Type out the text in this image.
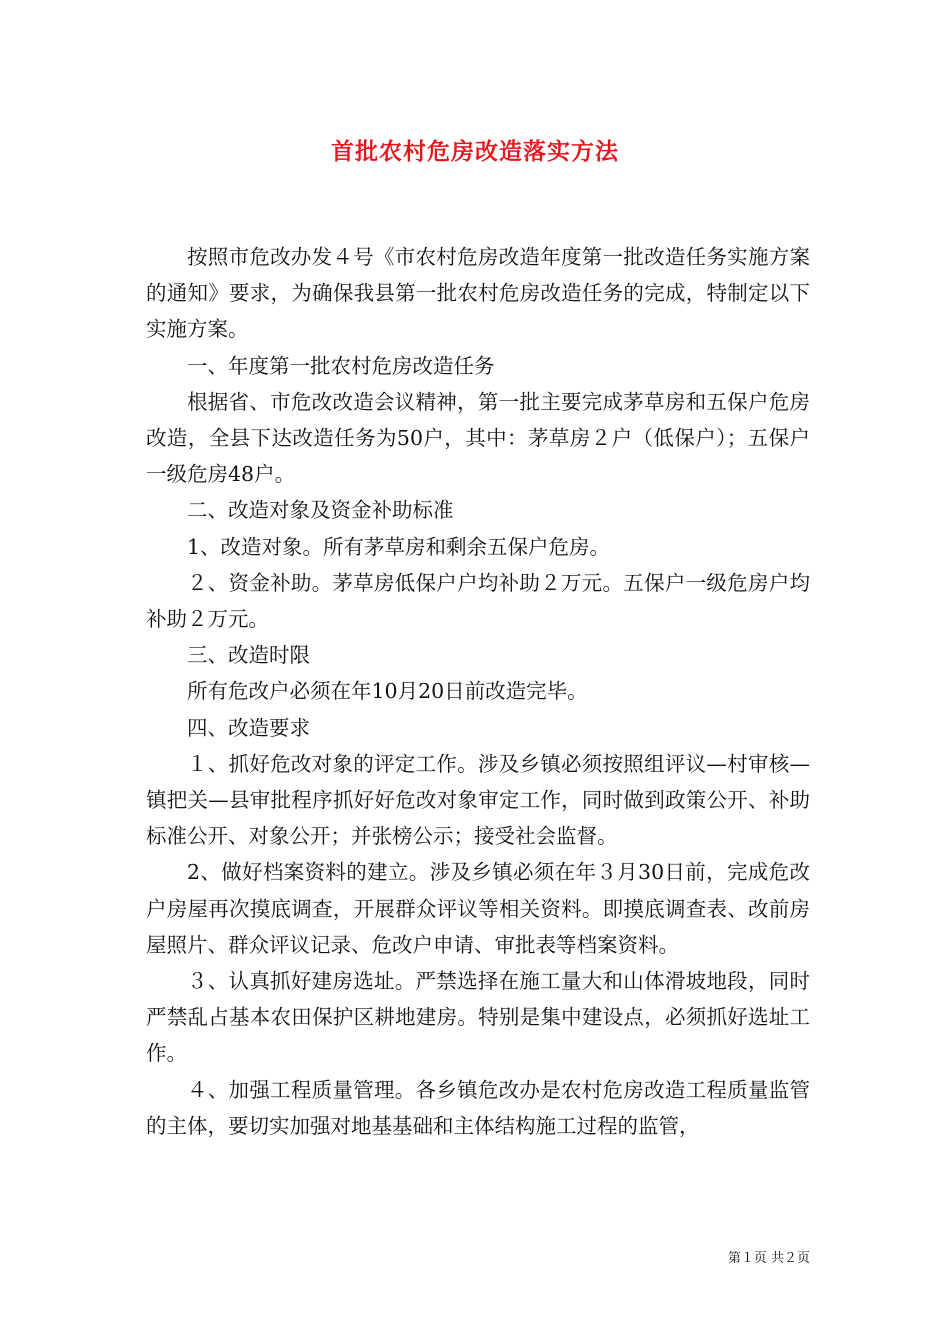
首批农村危房改造落实方法

按照市危改办发４号《市农村危房改造年度第一批改造任务实施方案的通知》要求，为确保我县第一批农村危房改造任务的完成，特制定以下实施方案。

一、年度第一批农村危房改造任务

根据省、市危改改造会议精神，第一批主要完成茅草房和五保户危房改造，全县下达改造任务为50户，其中：茅草房２户（低保户）；五保户一级危房48户。

二、改造对象及资金补助标准

1、改造对象。所有茅草房和剩余五保户危房。

２、资金补助。茅草房低保户户均补助２万元。五保户一级危房户均补助２万元。

三、改造时限

所有危改户必须在年10月20日前改造完毕。

四、改造要求

１、抓好危改对象的评定工作。涉及乡镇必须按照组评议—村审核—镇把关—县审批程序抓好好危改对象审定工作，同时做到政策公开、补助标准公开、对象公开；并张榜公示；接受社会监督。

2、做好档案资料的建立。涉及乡镇必须在年３月30日前，完成危改户房屋再次摸底调查，开展群众评议等相关资料。即摸底调查表、改前房屋照片、群众评议记录、危改户申请、审批表等档案资料。

３、认真抓好建房选址。严禁选择在施工量大和山体滑坡地段，同时严禁乱占基本农田保护区耕地建房。特别是集中建设点，必须抓好选址工作。

４、加强工程质量管理。各乡镇危改办是农村危房改造工程质量监管的主体，要切实加强对地基基础和主体结构施工过程的监管，

第１页 共２页
